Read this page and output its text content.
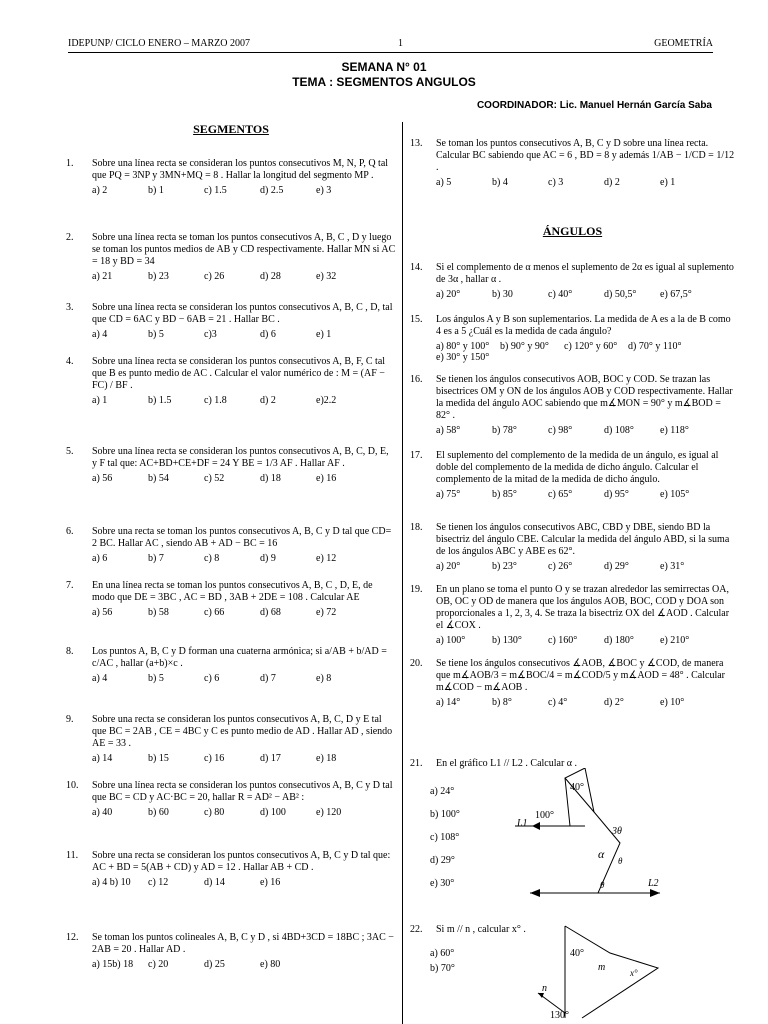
IDEPUNP/ CICLO ENERO – MARZO 2007	1	GEOMETRÍA
SEMANA N° 01
TEMA : SEGMENTOS ANGULOS
COORDINADOR: Lic. Manuel Hernán García Saba
SEGMENTOS
1. Sobre una línea recta se consideran los puntos consecutivos M, N, P, Q tal que PQ = 3NP y 3MN+MQ = 8 . Hallar la longitud del segmento MP .
a) 2	b) 1	c) 1.5	d) 2.5	e) 3
2. Sobre una línea recta se toman los puntos consecutivos A, B, C , D y luego se toman los puntos medios de AB y CD respectivamente. Hallar MN si AC = 18 y BD = 34
a) 21	b) 23	c) 26	d) 28	e) 32
3. Sobre una línea recta se consideran los puntos consecutivos A, B, C , D, tal que CD = 6AC y BD − 6AB = 21 . Hallar BC .
a) 4	b) 5	c)3	d) 6	e) 1
4. Sobre una línea recta se consideran los puntos consecutivos A, B, F, C tal que B es punto medio de AC . Calcular el valor numérico de : M = (AF − FC) / BF .
a) 1	b) 1.5	c) 1.8	d) 2	e)2.2
5. Sobre una línea recta se consideran los puntos consecutivos A, B, C, D, E, y F tal que: AC+BD+CE+DF = 24 Y BE = 1/3 AF . Hallar AF .
a) 56	b) 54	c) 52	d) 18	e) 16
6. Sobre una recta se toman los puntos consecutivos A, B, C y D tal que CD= 2 BC. Hallar AC , siendo AB + AD − BC = 16
a) 6	b) 7	c) 8	d) 9	e) 12
7. En una línea recta se toman los puntos consecutivos A, B, C , D, E, de modo que DE = 3BC , AC = BD , 3AB + 2DE = 108 . Calcular AE
a) 56	b) 58	c) 66	d) 68	e) 72
8. Los puntos A, B, C y D forman una cuaterna armónica; si a/AB + b/AD = c/AC , hallar (a+b)×c .
a) 4	b) 5	c) 6	d) 7	e) 8
9. Sobre una recta se consideran los puntos consecutivos A, B, C, D y E tal que BC = 2AB , CE = 4BC y C es punto medio de AD . Hallar AD , siendo AE = 33 .
a) 14	b) 15	c) 16	d) 17	e) 18
10. Sobre una línea recta se consideran los puntos consecutivos A, B, C y D tal que BC = CD y AC·BC = 20, hallar R = AD² − AB² :
a) 40	b) 60	c) 80	d) 100	e) 120
11. Sobre una recta se consideran los puntos consecutivos A, B, C y D tal que: AC + BD = 5(AB + CD) y AD = 12 . Hallar AB + CD .
a) 4 b) 10 c) 12	d) 14	e) 16
12. Se toman los puntos colineales A, B, C y D , si 4BD+3CD = 18BC ; 3AC − 2AB = 20 . Hallar AD .
a) 15b) 18 c) 20	d) 25	e) 80
13. Se toman los puntos consecutivos A, B, C y D sobre una línea recta. Calcular BC sabiendo que AC = 6 , BD = 8 y además 1/AB − 1/CD = 1/12 .
a) 5	b) 4	c) 3	d) 2	e) 1
ÁNGULOS
14. Si el complemento de α menos el suplemento de 2α es igual al suplemento de 3α , hallar α .
a) 20°	b) 30	c) 40°	d) 50,5° e) 67,5°
15. Los ángulos A y B son suplementarios. La medida de A es a la de B como 4 es a 5 ¿Cuál es la medida de cada ángulo?
a) 80° y 100° b) 90° y 90° c) 120° y 60° d) 70° y 110°e) 30° y 150°
16. Se tienen los ángulos consecutivos AOB, BOC y COD. Se trazan las bisectrices OM y ON de los ángulos AOB y COD respectivamente. Hallar la medida del ángulo AOC sabiendo que m∡MON = 90° y m∡BOD = 82° .
a) 58°	b) 78°	c) 98°	d) 108°	e) 118°
17. El suplemento del complemento de la medida de un ángulo, es igual al doble del complemento de la medida de dicho ángulo. Calcular el complemento de la mitad de la medida de dicho ángulo.
a) 75°	b) 85°	c) 65°	d) 95°	e) 105°
18. Se tienen los ángulos consecutivos ABC, CBD y DBE, siendo BD la bisectriz del ángulo CBE. Calcular la medida del ángulo ABD, si la suma de los ángulos ABC y ABE es 62°.
a) 20°	b) 23°	c) 26°	d) 29°	e) 31°
19. En un plano se toma el punto O y se trazan alrededor las semirrectas OA, OB, OC y OD de manera que los ángulos AOB, BOC, COD y DOA son proporcionales a 1, 2, 3, 4. Se traza la bisectriz OX del ∡AOD . Calcular el ∡COX .
a) 100°	b) 130°	c) 160°	d) 180°	e) 210°
20. Se tiene los ángulos consecutivos ∡AOB, ∡BOC y ∡COD, de manera que m∡AOB/3 = m∡BOC/4 = m∡COD/5 y m∡AOD = 48° . Calcular m∡COD − m∡AOB .
a) 14°	b) 8°	c) 4°	d) 2°	e) 10°
21. En el gráfico L1 // L2 . Calcular α .
a) 24°
b) 100°
c) 108°
d) 29°
e) 30°
100°
40°
3θ
α θ
θ
L1
L2
22. Si m // n , calcular x° .
a) 60°
b) 70°
40°
m	x°
n
130°
